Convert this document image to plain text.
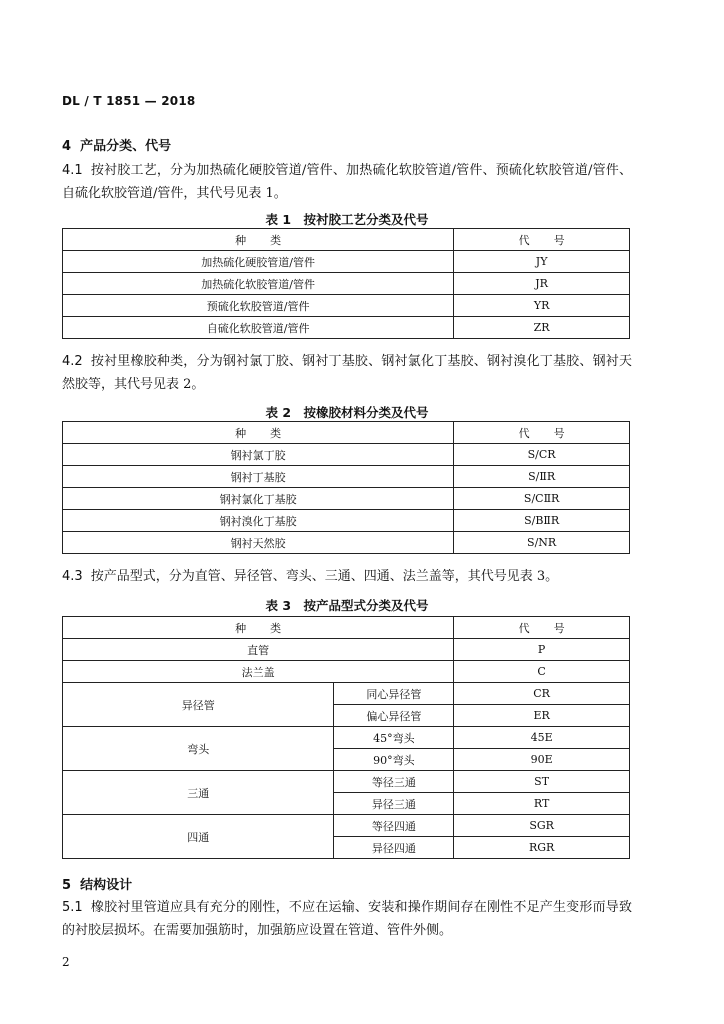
DL / T 1851 — 2018
4 产品分类、代号
4.1 按衬胶工艺，分为加热硫化硬胶管道/管件、加热硫化软胶管道/管件、预硫化软胶管道/管件、自硫化软胶管道/管件，其代号见表 1。
表 1　按衬胶工艺分类及代号
种类	代号
加热硫化硬胶管道/管件	JY
加热硫化软胶管道/管件	JR
预硫化软胶管道/管件	YR
自硫化软胶管道/管件	ZR
4.2 按衬里橡胶种类，分为钢衬氯丁胶、钢衬丁基胶、钢衬氯化丁基胶、钢衬溴化丁基胶、钢衬天然胶等，其代号见表 2。
表 2　按橡胶材料分类及代号
种类	代号
钢衬氯丁胶	S/CR
钢衬丁基胶	S/ⅡR
钢衬氯化丁基胶	S/CⅡR
钢衬溴化丁基胶	S/BⅡR
钢衬天然胶	S/NR
4.3 按产品型式，分为直管、异径管、弯头、三通、四通、法兰盖等，其代号见表 3。
表 3　按产品型式分类及代号
种类		代号
直管		P
法兰盖		C
异径管	同心异径管	CR
	偏心异径管	ER
弯头	45°弯头	45E
	90°弯头	90E
三通	等径三通	ST
	异径三通	RT
四通	等径四通	SGR
	异径四通	RGR
5 结构设计
5.1 橡胶衬里管道应具有充分的刚性，不应在运输、安装和操作期间存在刚性不足产生变形而导致的衬胶层损坏。在需要加强筋时，加强筋应设置在管道、管件外侧。
2
